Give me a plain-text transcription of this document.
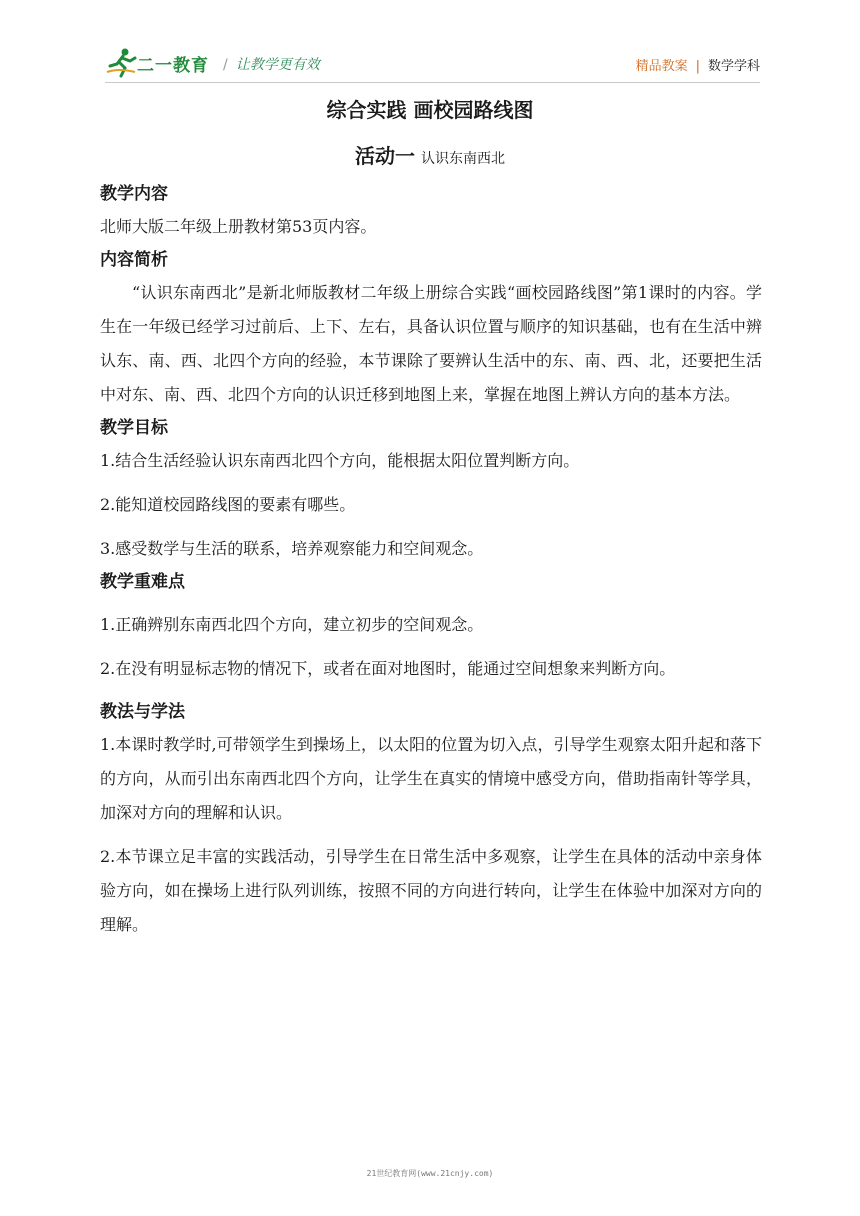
二一教育 / 让教学更有效	精品教案 | 数学学科
综合实践 画校园路线图
活动一 认识东南西北
教学内容

北师大版二年级上册教材第53页内容。

内容简析

“认识东南西北”是新北师版教材二年级上册综合实践“画校园路线图”第1课时的内容。学生在一年级已经学习过前后、上下、左右，具备认识位置与顺序的知识基础，也有在生活中辨认东、南、西、北四个方向的经验，本节课除了要辨认生活中的东、南、西、北，还要把生活中对东、南、西、北四个方向的认识迁移到地图上来，掌握在地图上辨认方向的基本方法。

教学目标

1.结合生活经验认识东南西北四个方向，能根据太阳位置判断方向。

2.能知道校园路线图的要素有哪些。

3.感受数学与生活的联系，培养观察能力和空间观念。

教学重难点

1.正确辨别东南西北四个方向，建立初步的空间观念。

2.在没有明显标志物的情况下，或者在面对地图时，能通过空间想象来判断方向。

教法与学法

1.本课时教学时,可带领学生到操场上，以太阳的位置为切入点，引导学生观察太阳升起和落下的方向，从而引出东南西北四个方向，让学生在真实的情境中感受方向，借助指南针等学具，加深对方向的理解和认识。

2.本节课立足丰富的实践活动，引导学生在日常生活中多观察，让学生在具体的活动中亲身体验方向，如在操场上进行队列训练，按照不同的方向进行转向，让学生在体验中加深对方向的理解。

21世纪教育网(www.21cnjy.com)
